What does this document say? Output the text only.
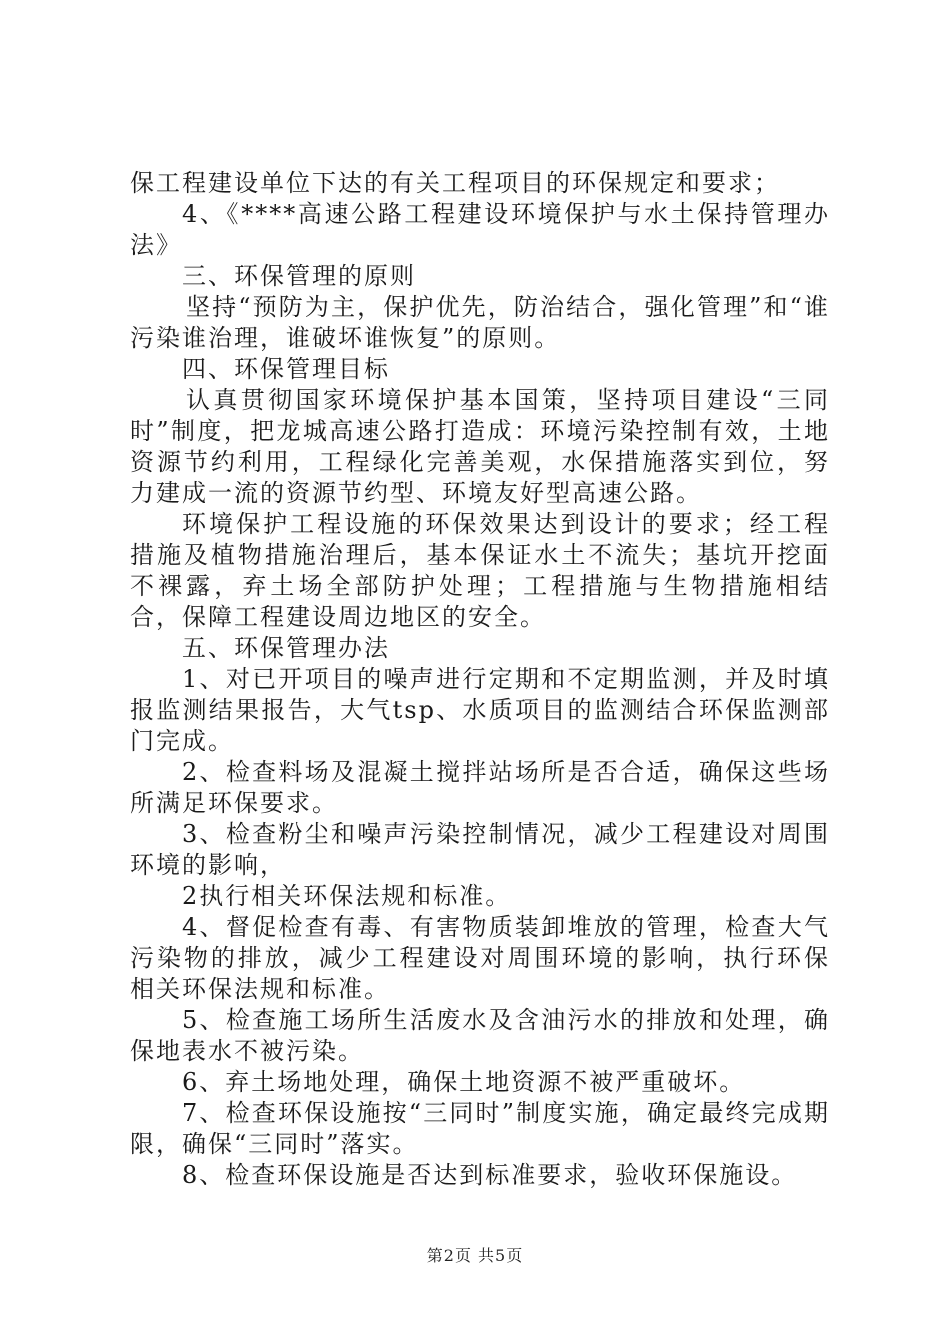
保工程建设单位下达的有关工程项目的环保规定和要求；

4、《****高速公路工程建设环境保护与水土保持管理办法》

三、环保管理的原则

坚持“预防为主，保护优先，防治结合，强化管理”和“谁污染谁治理，谁破坏谁恢复”的原则。

四、环保管理目标

认真贯彻国家环境保护基本国策，坚持项目建设“三同时”制度，把龙城高速公路打造成：环境污染控制有效，土地资源节约利用，工程绿化完善美观，水保措施落实到位，努力建成一流的资源节约型、环境友好型高速公路。

环境保护工程设施的环保效果达到设计的要求；经工程措施及植物措施治理后，基本保证水土不流失；基坑开挖面不裸露，弃土场全部防护处理；工程措施与生物措施相结合，保障工程建设周边地区的安全。

五、环保管理办法

1、对已开项目的噪声进行定期和不定期监测，并及时填报监测结果报告，大气tsp、水质项目的监测结合环保监测部门完成。

2、检查料场及混凝土搅拌站场所是否合适，确保这些场所满足环保要求。

3、检查粉尘和噪声污染控制情况，减少工程建设对周围环境的影响，

2执行相关环保法规和标准。

4、督促检查有毒、有害物质装卸堆放的管理，检查大气污染物的排放，减少工程建设对周围环境的影响，执行环保相关环保法规和标准。

5、检查施工场所生活废水及含油污水的排放和处理，确保地表水不被污染。

6、弃土场地处理，确保土地资源不被严重破坏。

7、检查环保设施按“三同时”制度实施，确定最终完成期限，确保“三同时”落实。

8、检查环保设施是否达到标准要求，验收环保施设。

第2页 共5页
